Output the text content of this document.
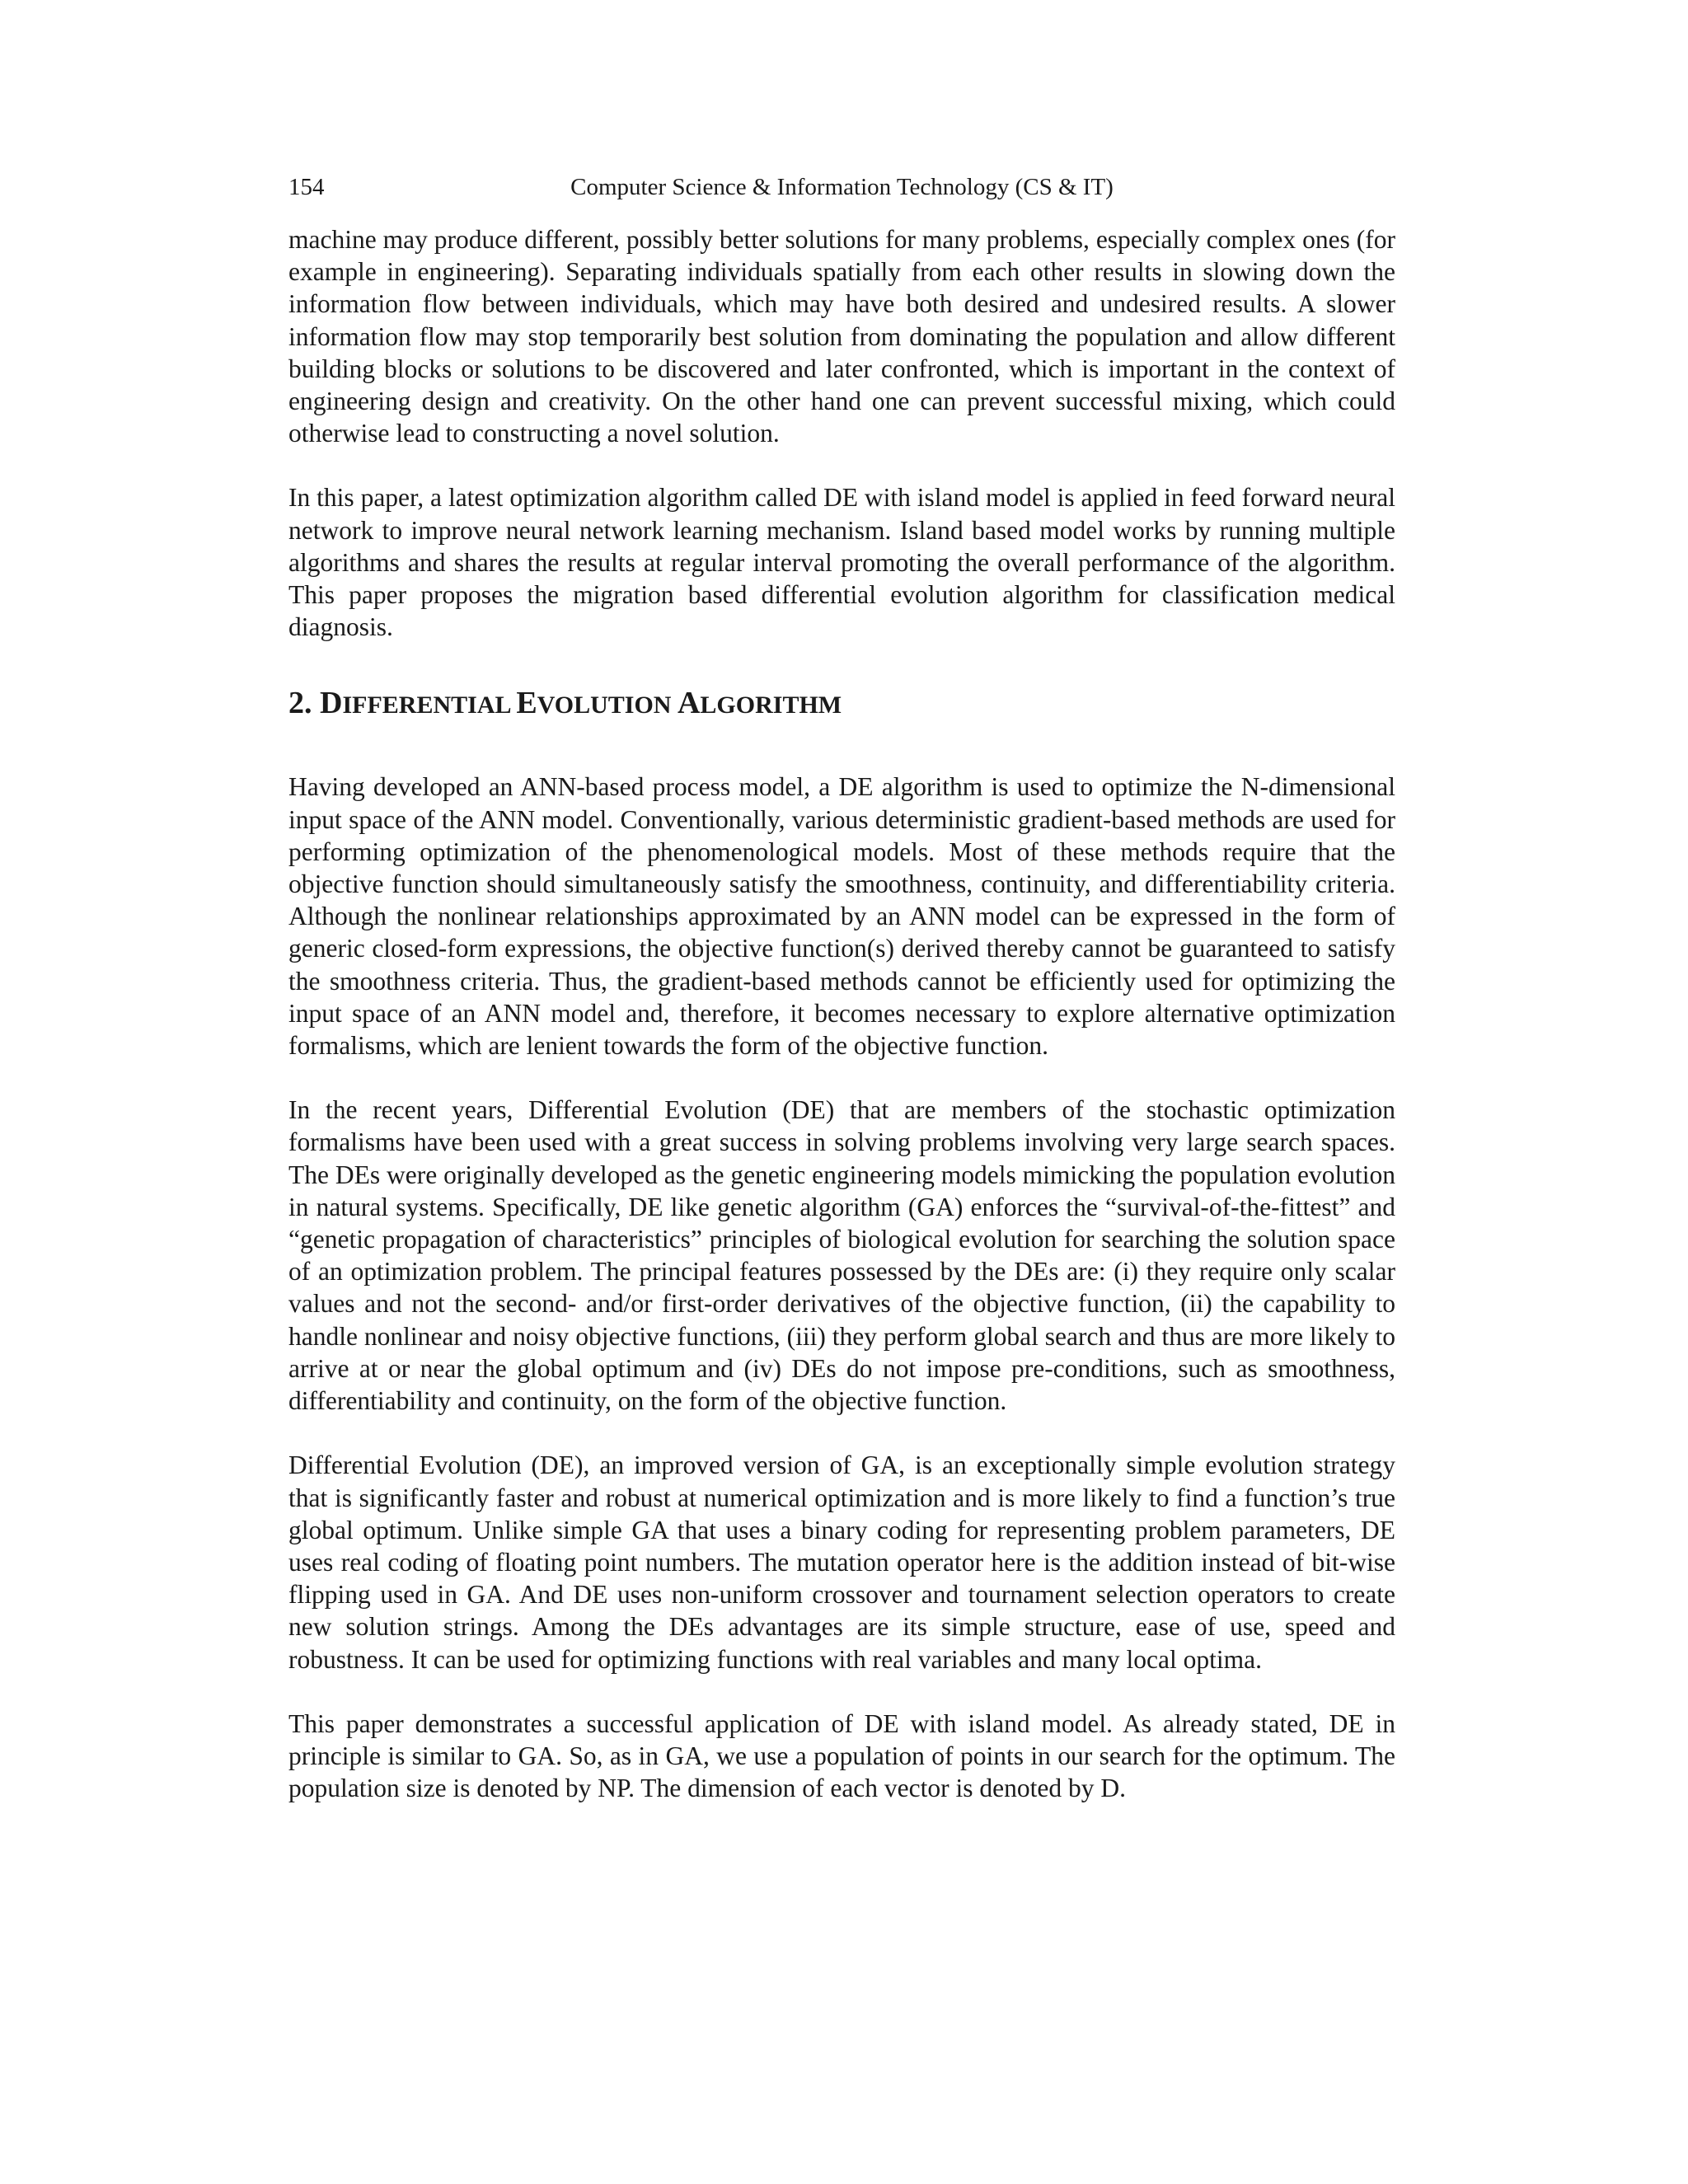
154	Computer Science & Information Technology (CS & IT)

machine may produce different, possibly better solutions for many problems, especially complex ones (for example in engineering). Separating individuals spatially from each other results in slowing down the information flow between individuals, which may have both desired and undesired results. A slower information flow may stop temporarily best solution from dominating the population and allow different building blocks or solutions to be discovered and later confronted, which is important in the context of engineering design and creativity. On the other hand one can prevent successful mixing, which could otherwise lead to constructing a novel solution.

In this paper, a latest optimization algorithm called DE with island model is applied in feed forward neural network to improve neural network learning mechanism. Island based model works by running multiple algorithms and shares the results at regular interval promoting the overall performance of the algorithm. This paper proposes the migration based differential evolution algorithm for classification medical diagnosis.

2. DIFFERENTIAL EVOLUTION ALGORITHM

Having developed an ANN-based process model, a DE algorithm is used to optimize the N-dimensional input space of the ANN model. Conventionally, various deterministic gradient-based methods are used for performing optimization of the phenomenological models. Most of these methods require that the objective function should simultaneously satisfy the smoothness, continuity, and differentiability criteria. Although the nonlinear relationships approximated by an ANN model can be expressed in the form of generic closed-form expressions, the objective function(s) derived thereby cannot be guaranteed to satisfy the smoothness criteria. Thus, the gradient-based methods cannot be efficiently used for optimizing the input space of an ANN model and, therefore, it becomes necessary to explore alternative optimization formalisms, which are lenient towards the form of the objective function.

In the recent years, Differential Evolution (DE) that are members of the stochastic optimization formalisms have been used with a great success in solving problems involving very large search spaces. The DEs were originally developed as the genetic engineering models mimicking the population evolution in natural systems. Specifically, DE like genetic algorithm (GA) enforces the “survival-of-the-fittest” and “genetic propagation of characteristics” principles of biological evolution for searching the solution space of an optimization problem. The principal features possessed by the DEs are: (i) they require only scalar values and not the second- and/or first-order derivatives of the objective function, (ii) the capability to handle nonlinear and noisy objective functions, (iii) they perform global search and thus are more likely to arrive at or near the global optimum and (iv) DEs do not impose pre-conditions, such as smoothness, differentiability and continuity, on the form of the objective function.

Differential Evolution (DE), an improved version of GA, is an exceptionally simple evolution strategy that is significantly faster and robust at numerical optimization and is more likely to find a function’s true global optimum. Unlike simple GA that uses a binary coding for representing problem parameters, DE uses real coding of floating point numbers. The mutation operator here is the addition instead of bit-wise flipping used in GA. And DE uses non-uniform crossover and tournament selection operators to create new solution strings. Among the DEs advantages are its simple structure, ease of use, speed and robustness. It can be used for optimizing functions with real variables and many local optima.

This paper demonstrates a successful application of DE with island model. As already stated, DE in principle is similar to GA. So, as in GA, we use a population of points in our search for the optimum. The population size is denoted by NP. The dimension of each vector is denoted by D.
